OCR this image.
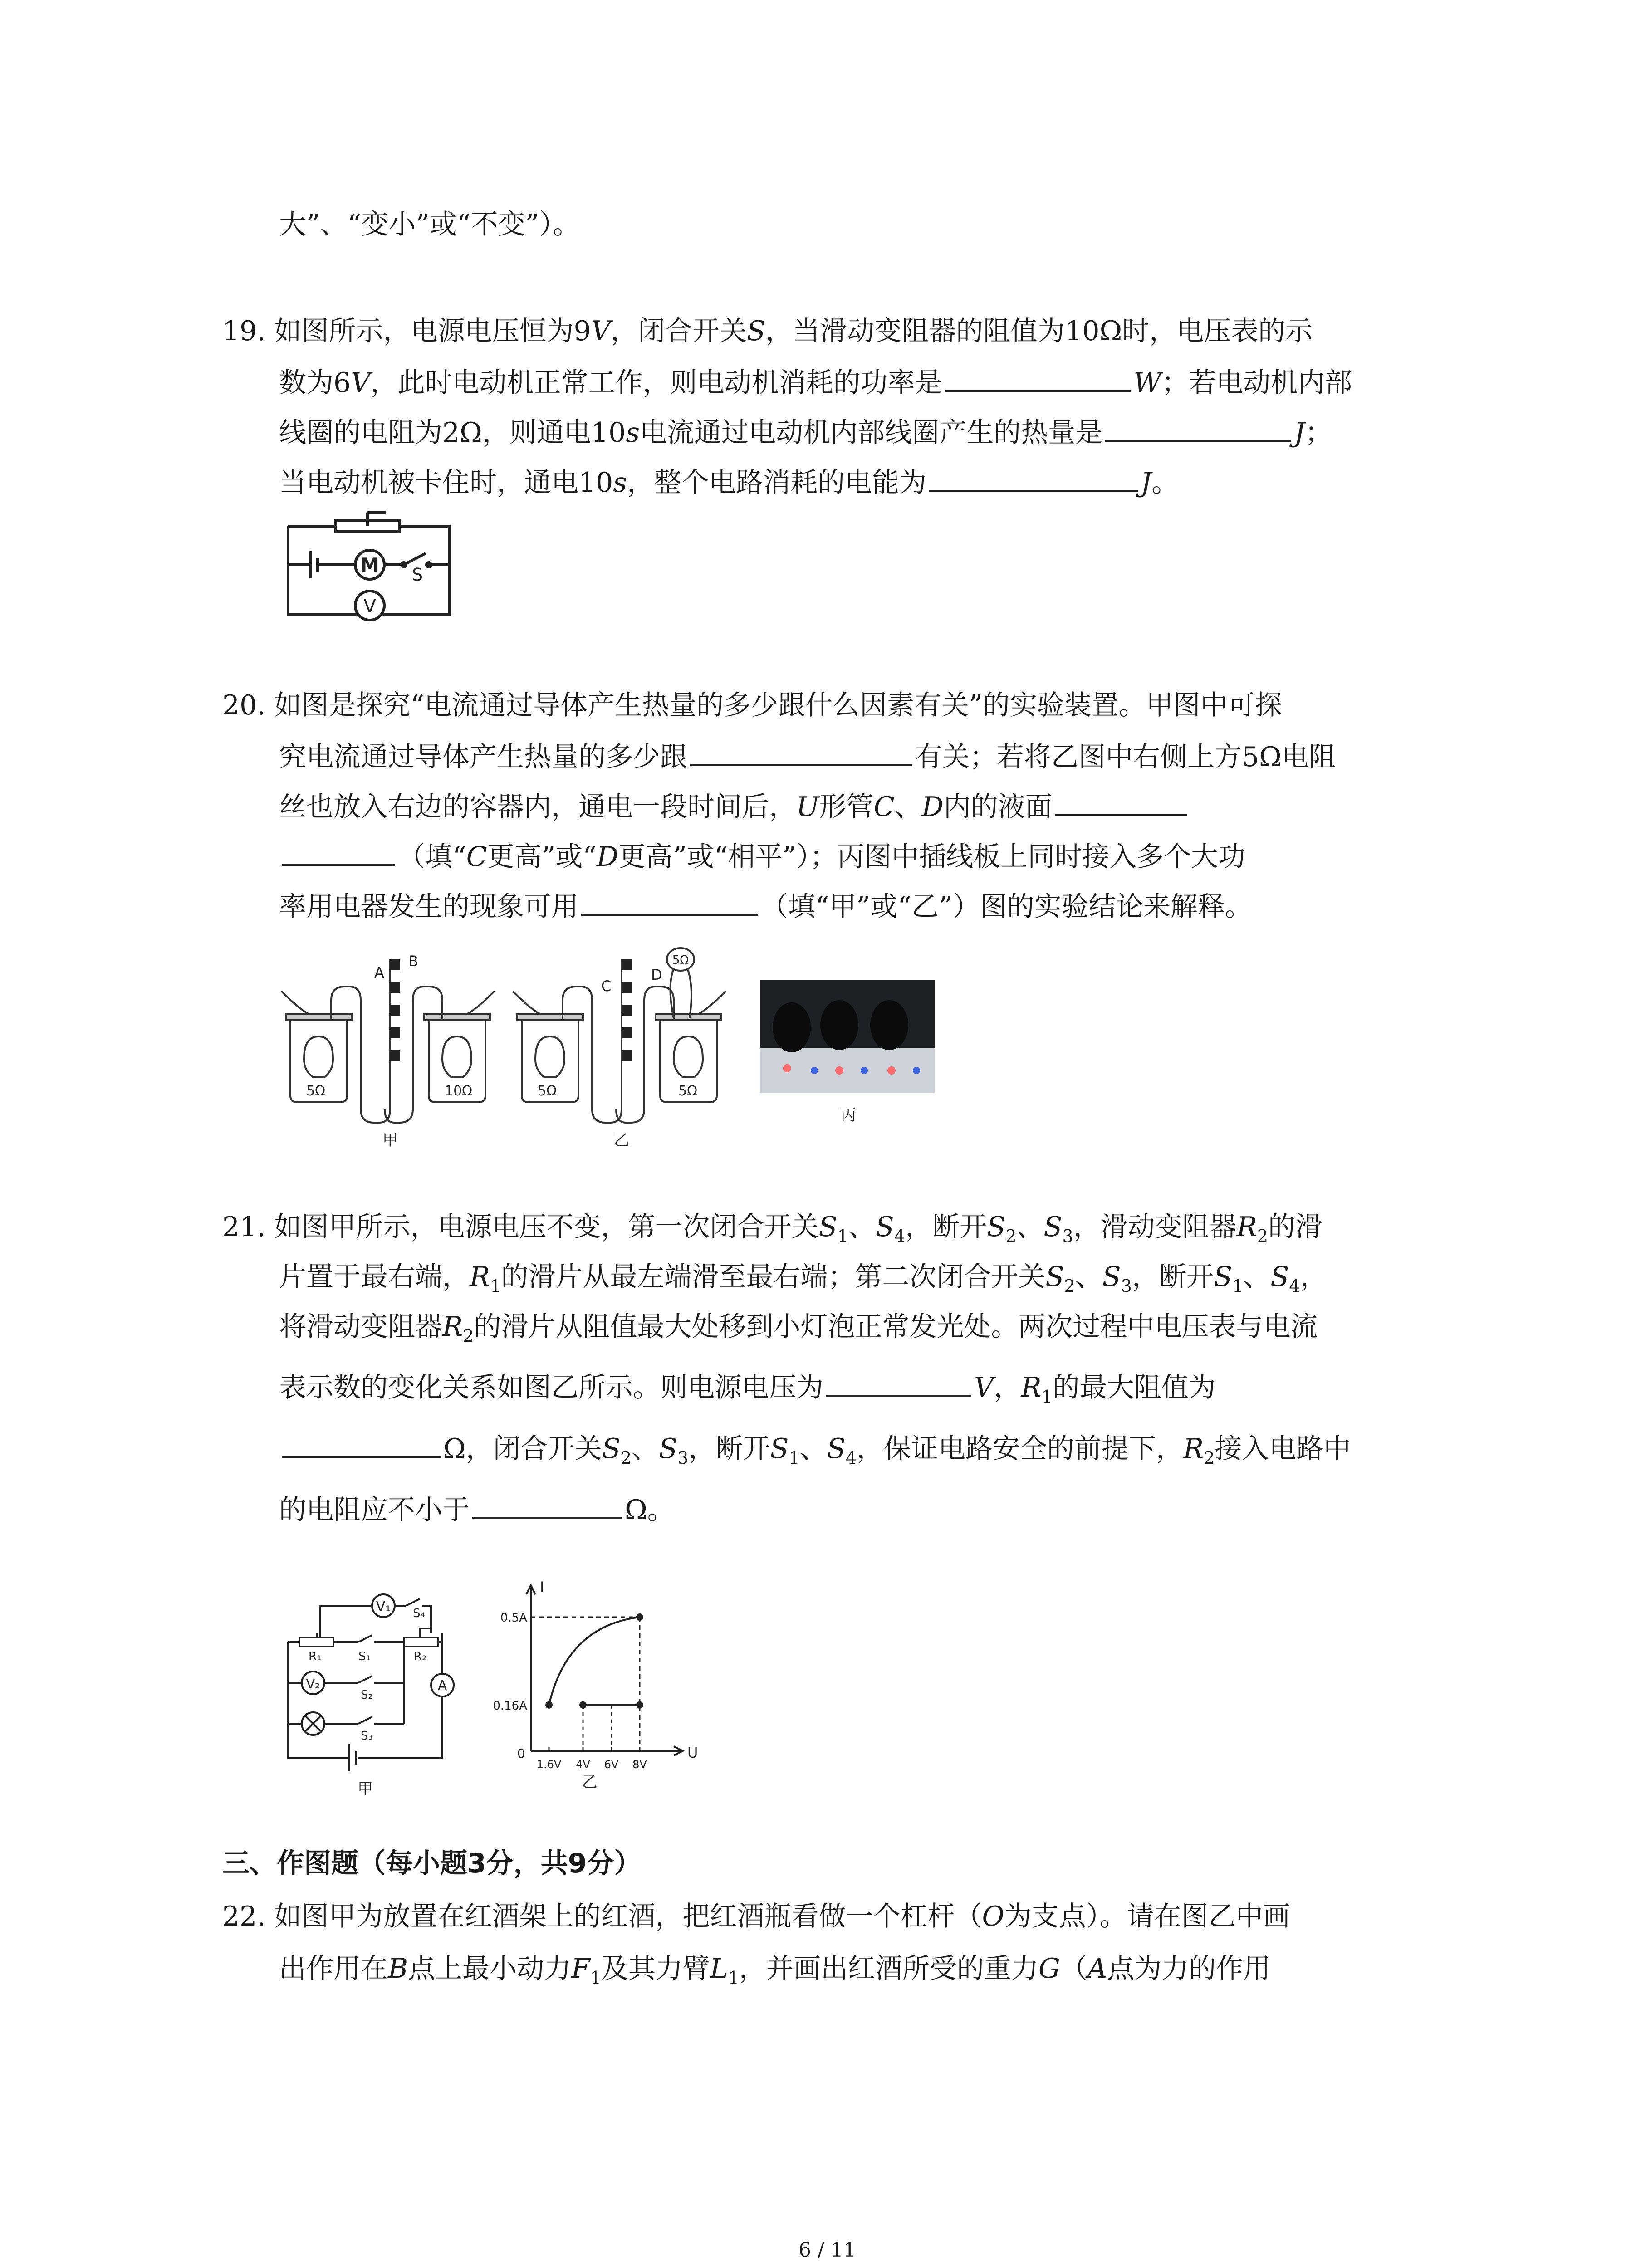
大”、“变小”或“不变”）。
19. 如图所示，电源电压恒为9V，闭合开关S，当滑动变阻器的阻值为10Ω时，电压表的示
数为6V，此时电动机正常工作，则电动机消耗的功率是	W；若电动机内部
线圈的电阻为2Ω，则通电10s电流通过电动机内部线圈产生的热量是	J；
当电动机被卡住时，通电10s，整个电路消耗的电能为	J。
M S
V
20. 如图是探究“电流通过导体产生热量的多少跟什么因素有关”的实验装置。甲图中可探
究电流通过导体产生热量的多少跟	有关；若将乙图中右侧上方5Ω电阻
丝也放入右边的容器内，通电一段时间后，U形管C、D内的液面
（填“C更高”或“D更高”或“相平”）；丙图中插线板上同时接入多个大功
率用电器发生的现象可用	（填“甲”或“乙”）图的实验结论来解释。
A
B
5Ω	10Ω
甲
C
D
5Ω
5Ω	5Ω
乙
丙
21. 如图甲所示，电源电压不变，第一次闭合开关$S_1$、$S_4$，断开$S_2$、$S_3$，滑动变阻器$R_2$的滑
片置于最右端，$R_1$的滑片从最左端滑至最右端；第二次闭合开关$S_2$、$S_3$，断开$S_1$、$S_4$，
将滑动变阻器$R_2$的滑片从阻值最大处移到小灯泡正常发光处。两次过程中电压表与电流
表示数的变化关系如图乙所示。则电源电压为	V，$R_1$的最大阻值为
Ω，闭合开关$S_2$、$S_3$，断开$S_1$、$S_4$，保证电路安全的前提下，$R_2$接入电路中
的电阻应不小于	Ω。
V₁ S₄
R₁	S₁	R₂
A
V₂
S₂
S₃
甲
I
U
0
0.5A
0.16A
1.6V 4V 6V 8V
乙
三、作图题（每小题3分，共9分）
22. 如图甲为放置在红酒架上的红酒，把红酒瓶看做一个杠杆（O为支点）。请在图乙中画
出作用在B点上最小动力$F_1$及其力臂$L_1$，并画出红酒所受的重力G（A点为力的作用
6 / 11
